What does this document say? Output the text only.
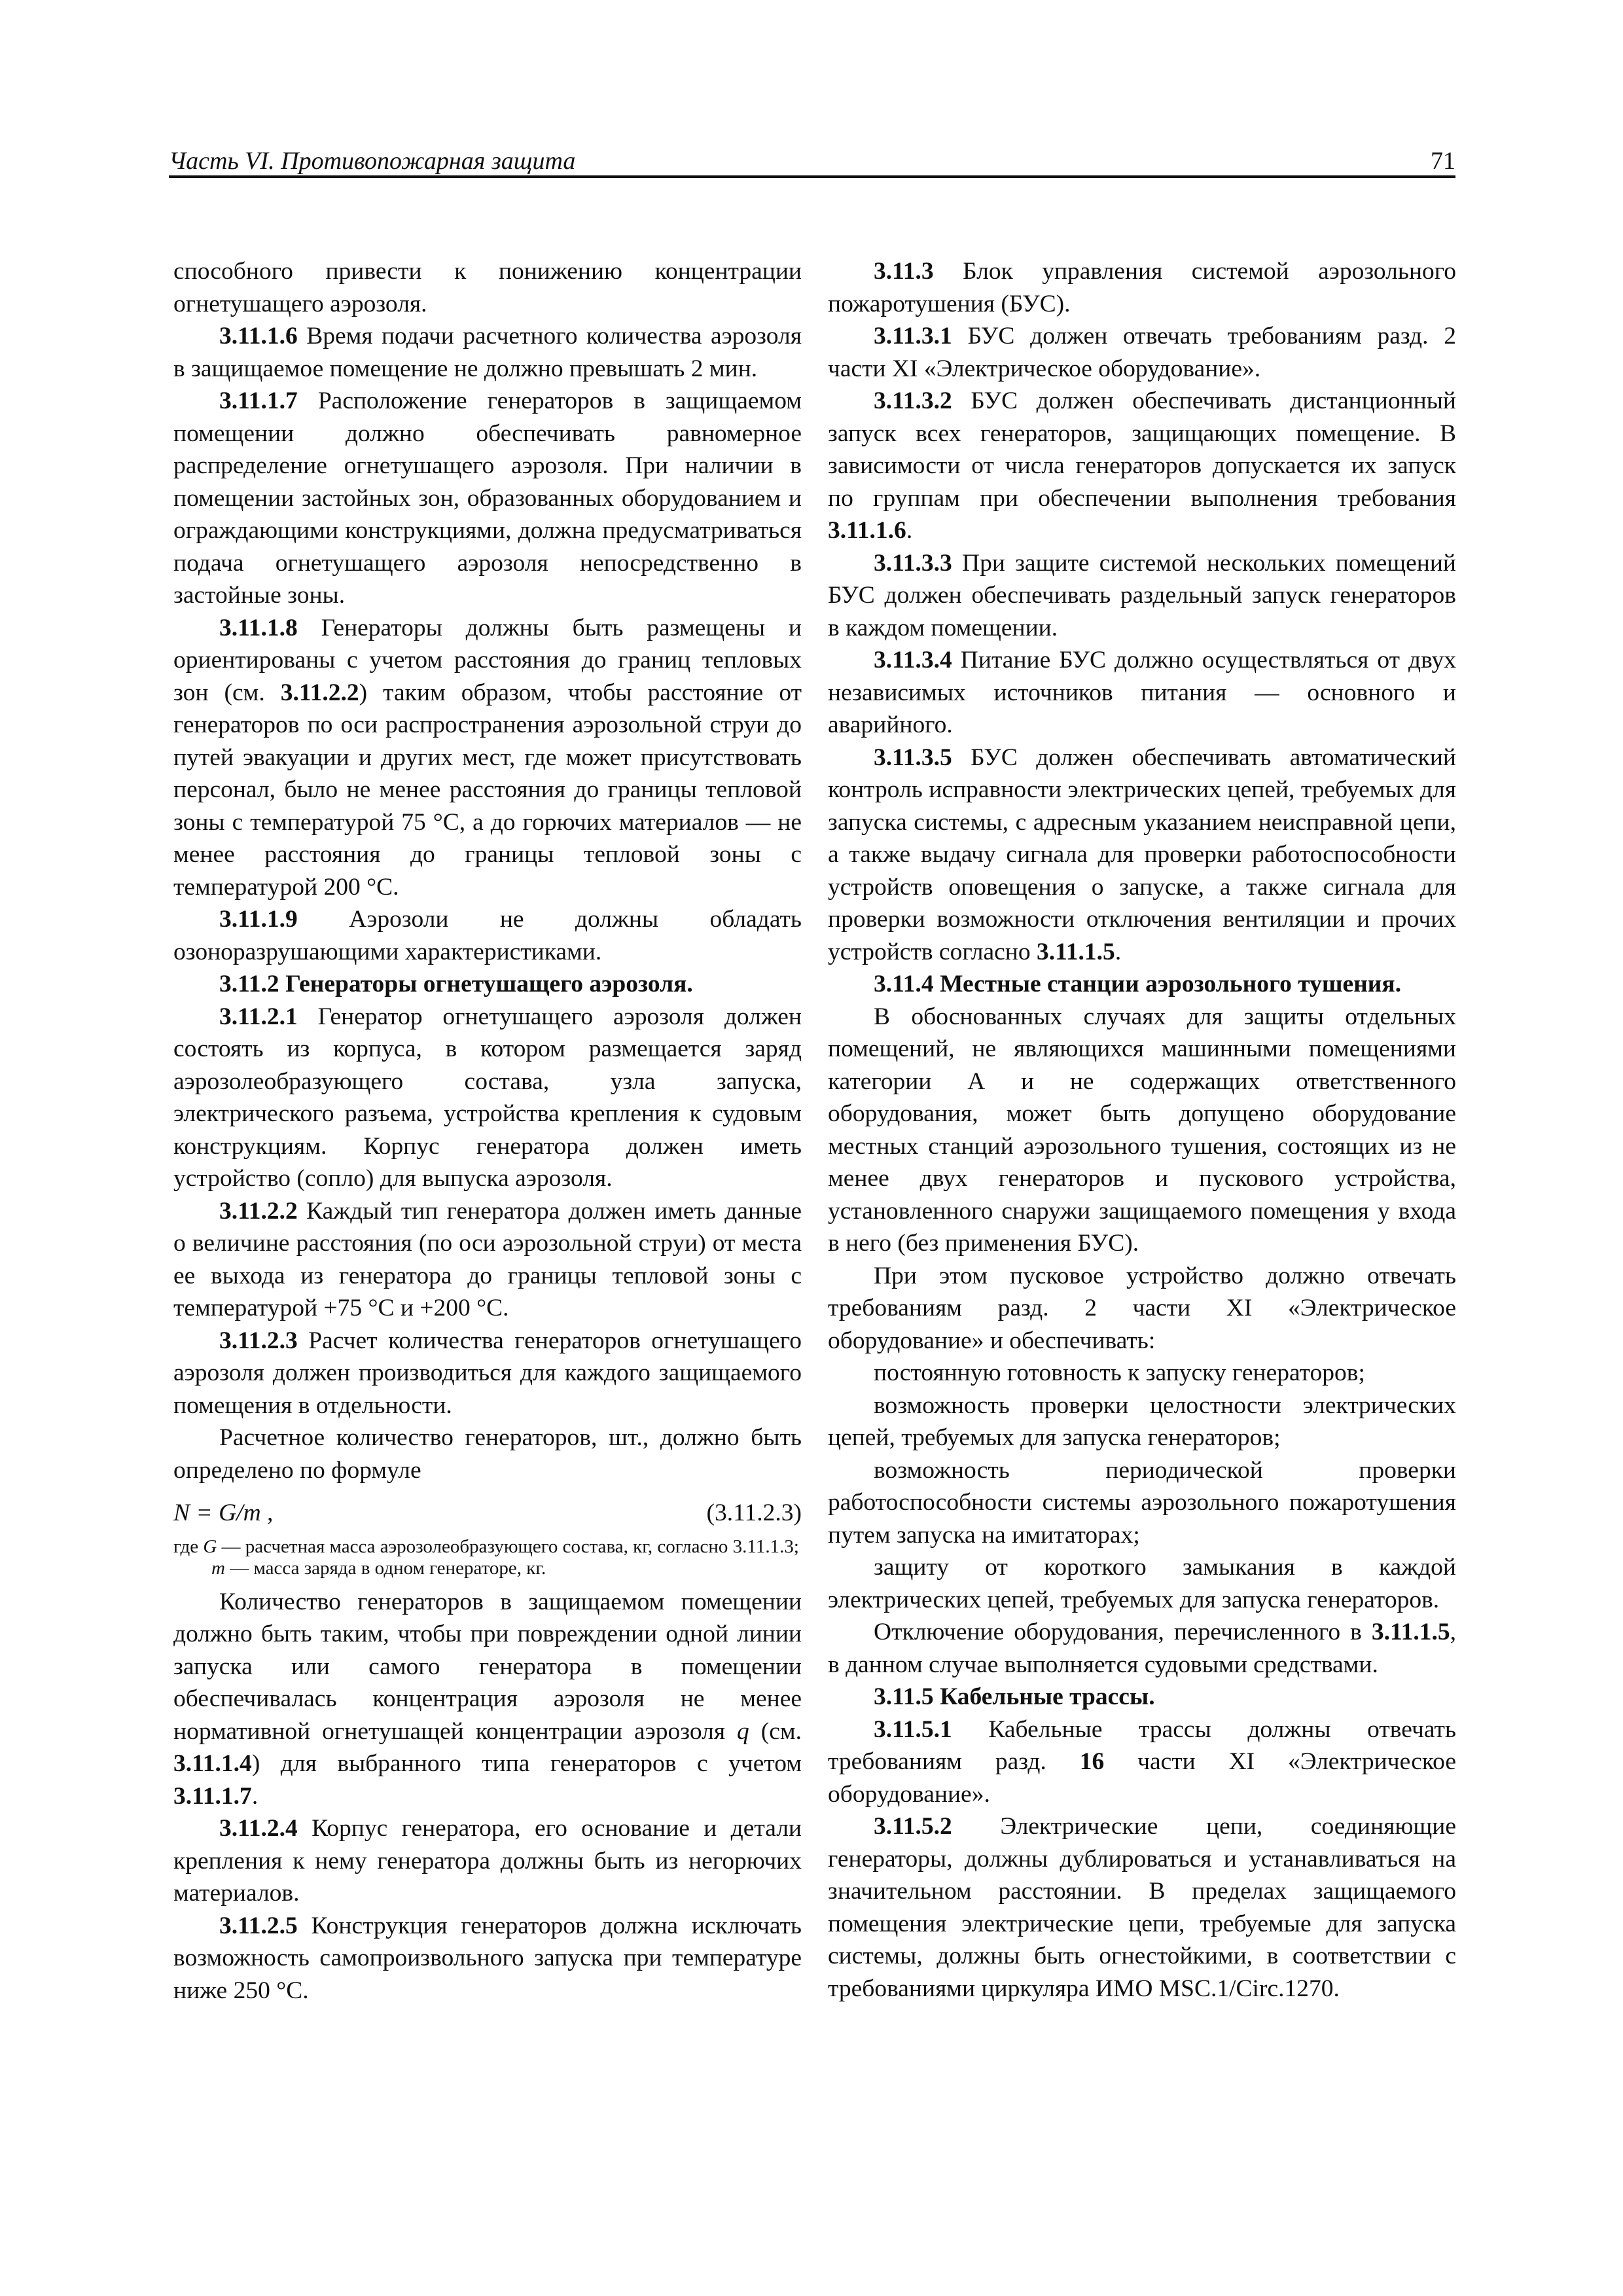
Часть VI. Противопожарная защита	71

способного привести к понижению концентрации огнетушащего аэрозоля.

3.11.1.6 Время подачи расчетного количества аэрозоля в защищаемое помещение не должно превышать 2 мин.

3.11.1.7 Расположение генераторов в защищаемом помещении должно обеспечивать равномерное распределение огнетушащего аэрозоля. При наличии в помещении застойных зон, образованных оборудованием и ограждающими конструкциями, должна предусматриваться подача огнетушащего аэрозоля непосредственно в застойные зоны.

3.11.1.8 Генераторы должны быть размещены и ориентированы с учетом расстояния до границ тепловых зон (см. 3.11.2.2) таким образом, чтобы расстояние от генераторов по оси распространения аэрозольной струи до путей эвакуации и других мест, где может присутствовать персонал, было не менее расстояния до границы тепловой зоны с температурой 75 °С, а до горючих материалов — не менее расстояния до границы тепловой зоны с температурой 200 °С.

3.11.1.9 Аэрозоли не должны обладать озоноразрушающими характеристиками.

3.11.2 Генераторы огнетушащего аэрозоля.

3.11.2.1 Генератор огнетушащего аэрозоля должен состоять из корпуса, в котором размещается заряд аэрозолеобразующего состава, узла запуска, электрического разъема, устройства крепления к судовым конструкциям. Корпус генератора должен иметь устройство (сопло) для выпуска аэрозоля.

3.11.2.2 Каждый тип генератора должен иметь данные о величине расстояния (по оси аэрозольной струи) от места ее выхода из генератора до границы тепловой зоны с температурой +75 °С и +200 °С.

3.11.2.3 Расчет количества генераторов огнетушащего аэрозоля должен производиться для каждого защищаемого помещения в отдельности.

Расчетное количество генераторов, шт., должно быть определено по формуле

N = G/m ,	(3.11.2.3)
где G — расчетная масса аэрозолеобразующего состава, кг, согласно 3.11.1.3;
m — масса заряда в одном генераторе, кг.

Количество генераторов в защищаемом помещении должно быть таким, чтобы при повреждении одной линии запуска или самого генератора в помещении обеспечивалась концентрация аэрозоля не менее нормативной огнетушащей концентрации аэрозоля q (см. 3.11.1.4) для выбранного типа генераторов с учетом 3.11.1.7.

3.11.2.4 Корпус генератора, его основание и детали крепления к нему генератора должны быть из негорючих материалов.

3.11.2.5 Конструкция генераторов должна исключать возможность самопроизвольного запуска при температуре ниже 250 °С.

3.11.3 Блок управления системой аэрозольного пожаротушения (БУС).

3.11.3.1 БУС должен отвечать требованиям разд. 2 части XI «Электрическое оборудование».

3.11.3.2 БУС должен обеспечивать дистанционный запуск всех генераторов, защищающих помещение. В зависимости от числа генераторов допускается их запуск по группам при обеспечении выполнения требования 3.11.1.6.

3.11.3.3 При защите системой нескольких помещений БУС должен обеспечивать раздельный запуск генераторов в каждом помещении.

3.11.3.4 Питание БУС должно осуществляться от двух независимых источников питания — основного и аварийного.

3.11.3.5 БУС должен обеспечивать автоматический контроль исправности электрических цепей, требуемых для запуска системы, с адресным указанием неисправной цепи, а также выдачу сигнала для проверки работоспособности устройств оповещения о запуске, а также сигнала для проверки возможности отключения вентиляции и прочих устройств согласно 3.11.1.5.

3.11.4 Местные станции аэрозольного тушения.

В обоснованных случаях для защиты отдельных помещений, не являющихся машинными помещениями категории А и не содержащих ответственного оборудования, может быть допущено оборудование местных станций аэрозольного тушения, состоящих из не менее двух генераторов и пускового устройства, установленного снаружи защищаемого помещения у входа в него (без применения БУС).

При этом пусковое устройство должно отвечать требованиям разд. 2 части XI «Электрическое оборудование» и обеспечивать:

постоянную готовность к запуску генераторов;

возможность проверки целостности электрических цепей, требуемых для запуска генераторов;

возможность периодической проверки работоспособности системы аэрозольного пожаротушения путем запуска на имитаторах;

защиту от короткого замыкания в каждой электрических цепей, требуемых для запуска генераторов.

Отключение оборудования, перечисленного в 3.11.1.5, в данном случае выполняется судовыми средствами.

3.11.5 Кабельные трассы.

3.11.5.1 Кабельные трассы должны отвечать требованиям разд. 16 части XI «Электрическое оборудование».

3.11.5.2 Электрические цепи, соединяющие генераторы, должны дублироваться и устанавливаться на значительном расстоянии. В пределах защищаемого помещения электрические цепи, требуемые для запуска системы, должны быть огнестойкими, в соответствии с требованиями циркуляра ИМО MSC.1/Circ.1270.
